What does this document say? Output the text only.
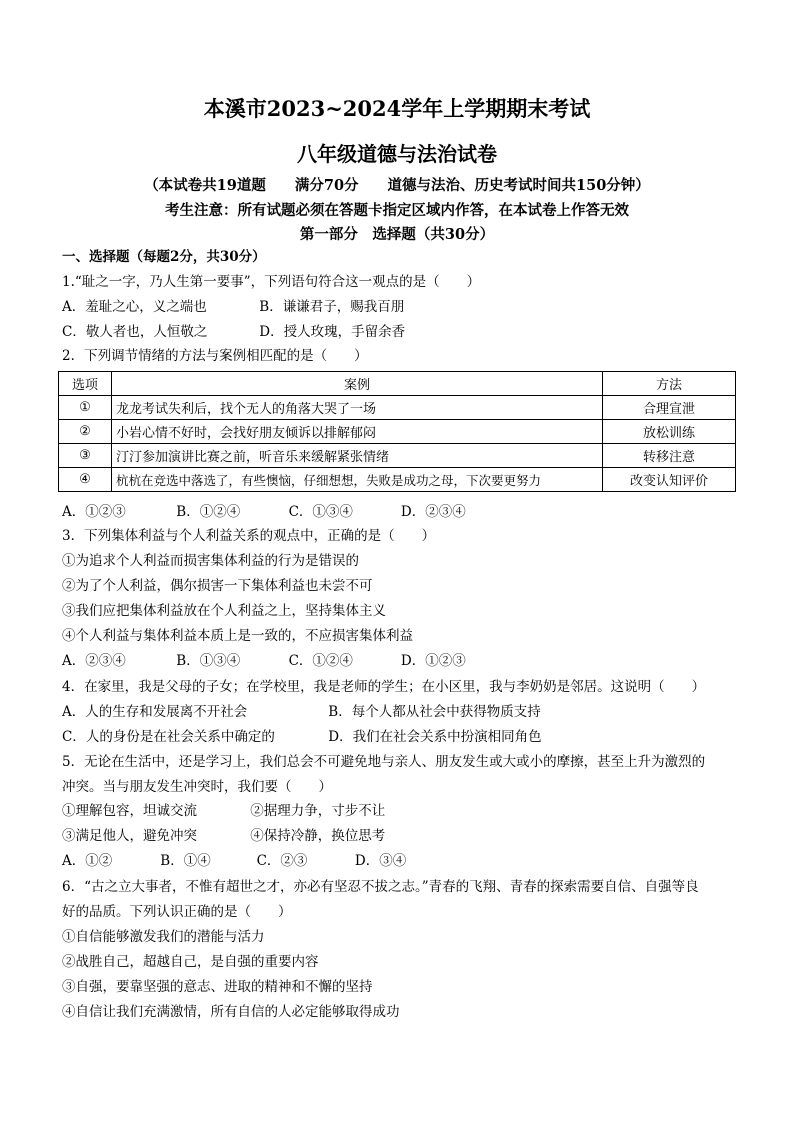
本溪市2023~2024学年上学期期末考试
八年级道德与法治试卷
（本试卷共19道题　　满分70分　　道德与法治、历史考试时间共150分钟）
考生注意：所有试题必须在答题卡指定区域内作答，在本试卷上作答无效
第一部分　选择题（共30分）
一、选择题（每题2分，共30分）
1.“耻之一字，乃人生第一要事”，下列语句符合这一观点的是（　　）
A．羞耻之心，义之端也	B．谦谦君子，赐我百朋
C．敬人者也，人恒敬之	D．授人玫瑰，手留余香
2．下列调节情绪的方法与案例相匹配的是（　　）
选项	案例	方法
①	龙龙考试失利后，找个无人的角落大哭了一场	合理宣泄
②	小岩心情不好时，会找好朋友倾诉以排解郁闷	放松训练
③	汀汀参加演讲比赛之前，听音乐来缓解紧张情绪	转移注意
④	杭杭在竞选中落选了，有些懊恼，仔细想想，失败是成功之母，下次要更努力	改变认知评价
A．①②③	B．①②④	C．①③④	D．②③④
3．下列集体利益与个人利益关系的观点中，正确的是（　　）
①为追求个人利益而损害集体利益的行为是错误的
②为了个人利益，偶尔损害一下集体利益也未尝不可
③我们应把集体利益放在个人利益之上，坚持集体主义
④个人利益与集体利益本质上是一致的，不应损害集体利益
A．②③④	B．①③④	C．①②④	D．①②③
4．在家里，我是父母的子女；在学校里，我是老师的学生；在小区里，我与李奶奶是邻居。这说明（　　）
A．人的生存和发展离不开社会	B．每个人都从社会中获得物质支持
C．人的身份是在社会关系中确定的	D．我们在社会关系中扮演相同角色
5．无论在生活中，还是学习上，我们总会不可避免地与亲人、朋友发生或大或小的摩擦，甚至上升为激烈的
冲突。当与朋友发生冲突时，我们要（　　）
①理解包容，坦诚交流	②据理力争，寸步不让
③满足他人，避免冲突	④保持冷静，换位思考
A．①②	B．①④	C．②③	D．③④
6．“古之立大事者，不惟有超世之才，亦必有坚忍不拔之志。”青春的飞翔、青春的探索需要自信、自强等良
好的品质。下列认识正确的是（　　）
①自信能够激发我们的潜能与活力
②战胜自己，超越自己，是自强的重要内容
③自强，要靠坚强的意志、进取的精神和不懈的坚持
④自信让我们充满激情，所有自信的人必定能够取得成功
